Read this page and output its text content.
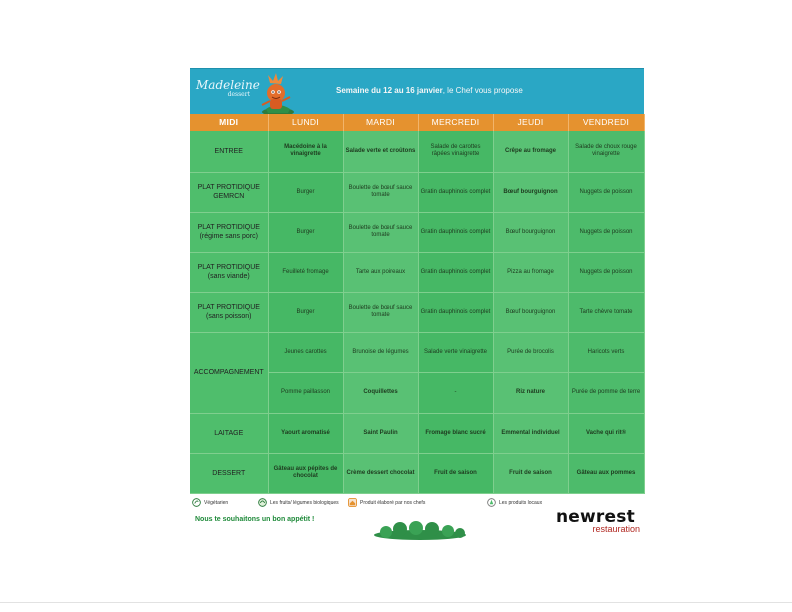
Madeleine
dessert	Semaine du 12 au 16 janvier, le Chef vous propose
MIDI	LUNDI	MARDI	MERCREDI	JEUDI	VENDREDI
ENTREE	Macédoine à la vinaigrette	Salade verte et croûtons	Salade de carottes râpées vinaigrette	Crêpe au fromage	Salade de choux rouge vinaigrette
PLAT PROTIDIQUE GEMRCN	Burger	Boulette de bœuf sauce tomate	Gratin dauphinois complet	Bœuf bourguignon	Nuggets de poisson
PLAT PROTIDIQUE (régime sans porc)	Burger	Boulette de bœuf sauce tomate	Gratin dauphinois complet	Bœuf bourguignon	Nuggets de poisson
PLAT PROTIDIQUE (sans viande)	Feuilleté fromage	Tarte aux poireaux	Gratin dauphinois complet	Pizza au fromage	Nuggets de poisson
PLAT PROTIDIQUE (sans poisson)	Burger	Boulette de bœuf sauce tomate	Gratin dauphinois complet	Bœuf bourguignon	Tarte chèvre tomate
ACCOMPAGNEMENT	Jeunes carottes	Brunoise de légumes	Salade verte vinaigrette	Purée de brocolis	Haricots verts
	Pomme paillasson	Coquillettes	-	Riz nature	Purée de pomme de terre
LAITAGE	Yaourt aromatisé	Saint Paulin	Fromage blanc sucré	Emmental individuel	Vache qui rit®
DESSERT	Gâteau aux pépites de chocolat	Crème dessert chocolat	Fruit de saison	Fruit de saison	Gâteau aux pommes
Végétarien	Les fruits/ légumes biologiques	Produit élaboré par nos chefs	Les produits locaux
Nous te souhaitons un bon appétit !	newrest
restauration
